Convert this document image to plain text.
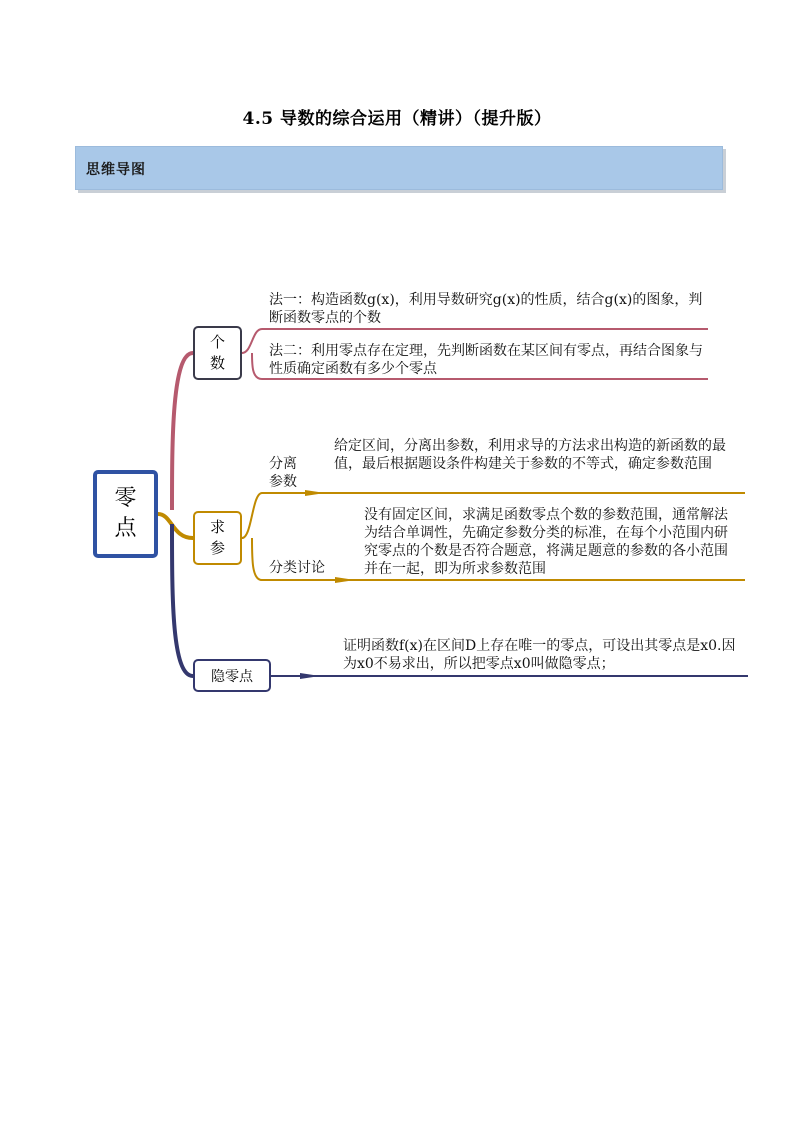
4.5 导数的综合运用（精讲）（提升版）
思维导图
零
点
个
数
求
参
隐零点
法一：构造函数g(x)，利用导数研究g(x)的性质，结合g(x)的图象，判断函数零点的个数
法二：利用零点存在定理，先判断函数在某区间有零点，再结合图象与性质确定函数有多少个零点
分离参数
给定区间，分离出参数，利用求导的方法求出构造的新函数的最值，最后根据题设条件构建关于参数的不等式，确定参数范围
分类讨论
没有固定区间，求满足函数零点个数的参数范围，通常解法为结合单调性，先确定参数分类的标准，在每个小范围内研究零点的个数是否符合题意，将满足题意的参数的各小范围并在一起，即为所求参数范围
证明函数f(x)在区间D上存在唯一的零点，可设出其零点是x0.因为x0不易求出，所以把零点x0叫做隐零点；
